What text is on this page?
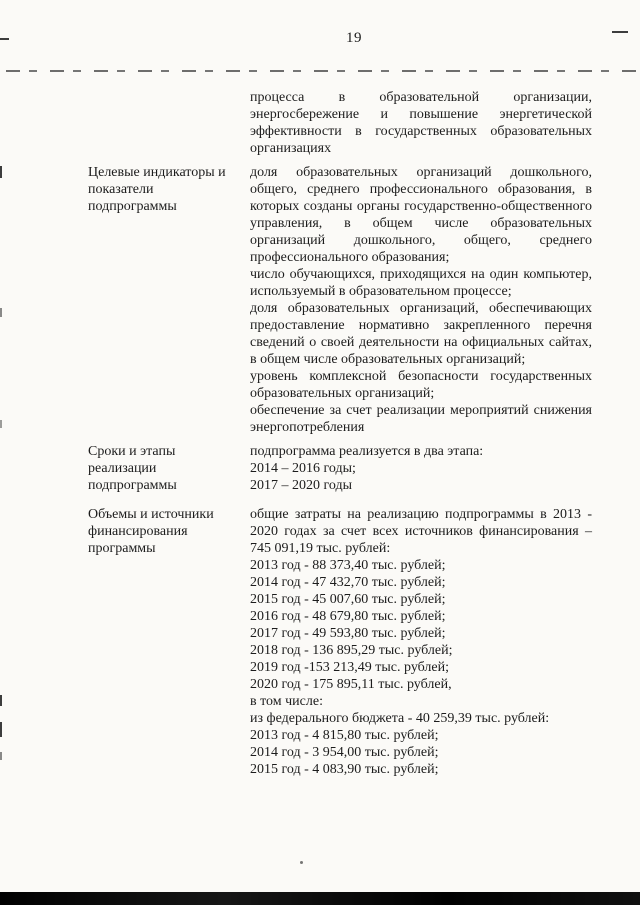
19

процесса в образовательной организации, энергосбережение и повышение энергетической эффективности в государственных образовательных организациях

Целевые индикаторы и показатели подпрограммы

доля образовательных организаций дошкольного, общего, среднего профессионального образования, в которых созданы органы государственно-общественного управления, в общем числе образовательных организаций дошкольного, общего, среднего профессионального образования;

число обучающихся, приходящихся на один компьютер, используемый в образовательном процессе;

доля образовательных организаций, обеспечивающих предоставление нормативно закрепленного перечня сведений о своей деятельности на официальных сайтах, в общем числе образовательных организаций;

уровень комплексной безопасности государственных образовательных организаций;

обеспечение за счет реализации мероприятий снижения энергопотребления

Сроки и этапы реализации подпрограммы

подпрограмма реализуется в два этапа:

2014 – 2016 годы;

2017 – 2020 годы

Объемы и источники финансирования программы

общие затраты на реализацию подпрограммы в 2013 - 2020 годах за счет всех источников финансирования –745 091,19 тыс. рублей:

2013 год - 88 373,40 тыс. рублей;

2014 год - 47 432,70 тыс. рублей;

2015 год - 45 007,60 тыс. рублей;

2016 год - 48 679,80 тыс. рублей;

2017 год - 49 593,80 тыс. рублей;

2018 год - 136 895,29 тыс. рублей;

2019 год -153 213,49 тыс. рублей;

2020 год - 175 895,11 тыс. рублей,

в том числе:

из федерального бюджета - 40 259,39 тыс. рублей:

2013 год - 4 815,80 тыс. рублей;

2014 год - 3 954,00 тыс. рублей;

2015 год - 4 083,90 тыс. рублей;
